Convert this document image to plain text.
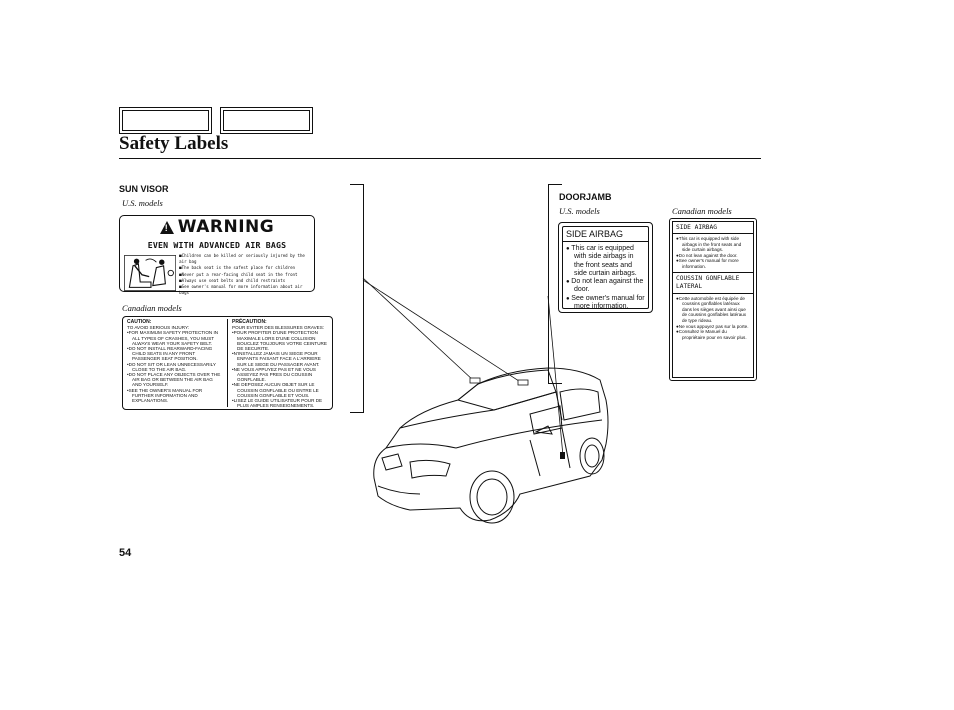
Safety Labels
SUN VISOR
U.S. models
!
WARNING
EVEN WITH ADVANCED AIR BAGS
■ Children can be killed or seriously injured by the air bag
■ The back seat is the safest place for children
■ Never put a rear-facing child seat in the front
■ Always use seat belts and child restraints
■ See owner's manual for more information about air bags
Canadian models
CAUTION:
TO AVOID SERIOUS INJURY:
• FOR MAXIMUM SAFETY PROTECTION IN ALL TYPES OF CRASHES, YOU MUST ALWAYS WEAR YOUR SAFETY BELT.
• DO NOT INSTALL REARWARD-FACING CHILD SEATS IN ANY FRONT PASSENGER SEAT POSITION.
• DO NOT SIT OR LEAN UNNECESSARILY CLOSE TO THE AIR BAG.
• DO NOT PLACE ANY OBJECTS OVER THE AIR BAG OR BETWEEN THE AIR BAG AND YOURSELF.
• SEE THE OWNER'S MANUAL FOR FURTHER INFORMATION AND EXPLANATIONS.
PRÉCAUTION:
POUR EVITER DES BLESSURES GRAVES:
• POUR PROFITER D'UNE PROTECTION MAXIMALE LORS D'UNE COLLISION BOUCLEZ TOUJOURS VOTRE CEINTURE DE SECURITE.
• N'INSTALLEZ JAMAIS UN SIEGE POUR ENFANTS FAISANT FACE A L'ARRIERE SUR LE SIEGE DU PASSAGER AVANT.
• NE VOUS APPUYEZ PAS ET NE VOUS ASSEYEZ PAS PRES DU COUSSIN GONFLABLE.
• NE DEPOSEZ AUCUN OBJET SUR LE COUSSIN GONFLABLE OU ENTRE LE COUSSIN GONFLABLE ET VOUS.
• LISEZ LE GUIDE UTILISATEUR POUR DE PLUS AMPLES RENSEIGNEMENTS.
DOORJAMB
U.S. models	Canadian models
SIDE AIRBAG
● This car is equipped with side airbags in the front seats and side curtain airbags.
● Do not lean against the door.
● See owner's manual for more information.
SIDE AIRBAG
● This car is equipped with side airbags in the front seats and side curtain airbags.
● Do not lean against the door.
● See owner's manual for more information.
COUSSIN GONFLABLE
LATERAL
● Cette automobile est équipée de coussins gonflables latéraux dans les sièges avant ainsi que de coussins gonflables latéraux de type rideau.
● Ne vous appuyez pas sur la porte.
● Consultez le Manuel du propriétaire pour en savoir plus.
54
